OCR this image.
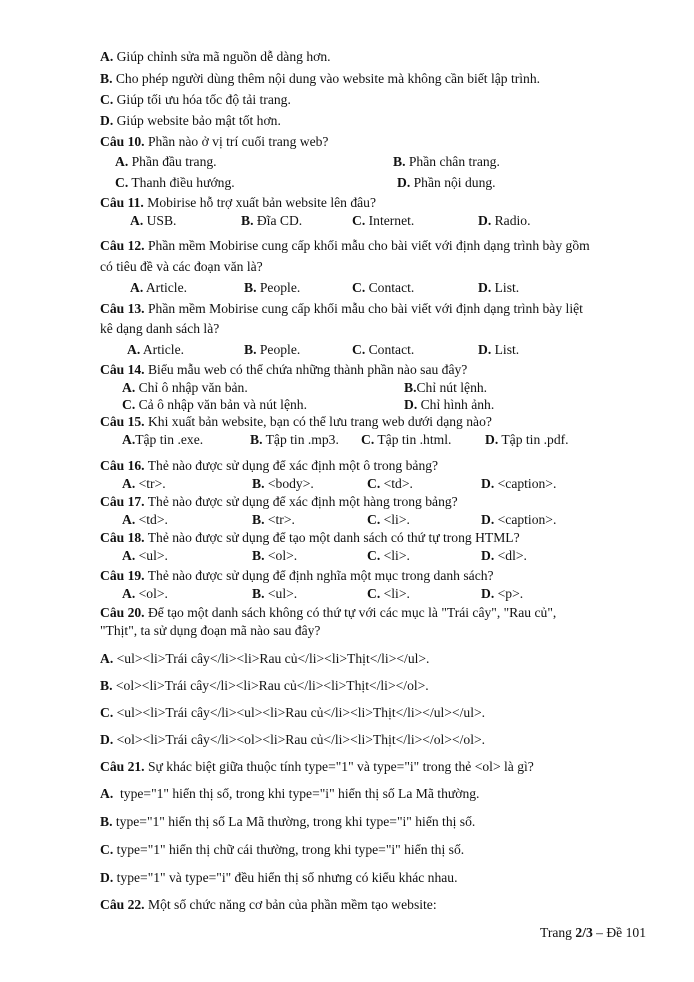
A. Giúp chỉnh sửa mã nguồn dễ dàng hơn.
B. Cho phép người dùng thêm nội dung vào website mà không cần biết lập trình.
C. Giúp tối ưu hóa tốc độ tải trang.
D. Giúp website bảo mật tốt hơn.
Câu 10. Phần nào ở vị trí cuối trang web?
A. Phần đầu trang.	B. Phần chân trang.
C. Thanh điều hướng.	D. Phần nội dung.
Câu 11. Mobirise hỗ trợ xuất bản website lên đâu?
A. USB.	B. Đĩa CD.	C. Internet.	D. Radio.
Câu 12. Phần mềm Mobirise cung cấp khối mẫu cho bài viết với định dạng trình bày gồm
có tiêu đề và các đoạn văn là?
A. Article.	B. People.	C. Contact.	D. List.
Câu 13. Phần mềm Mobirise cung cấp khối mẫu cho bài viết với định dạng trình bày liệt
kê dạng danh sách là?
A. Article.	B. People.	C. Contact.	D. List.
Câu 14. Biểu mẫu web có thể chứa những thành phần nào sau đây?
A. Chỉ ô nhập văn bản.	B.Chỉ nút lệnh.
C. Cả ô nhập văn bản và nút lệnh.	D. Chỉ hình ảnh.
Câu 15. Khi xuất bản website, bạn có thể lưu trang web dưới dạng nào?
A.Tập tin .exe.	B. Tập tin .mp3. C. Tập tin .html. D. Tập tin .pdf.
Câu 16. Thẻ nào được sử dụng để xác định một ô trong bảng?
A. <tr>.	B. <body>.	C. <td>.	D. <caption>.
Câu 17. Thẻ nào được sử dụng để xác định một hàng trong bảng?
A. <td>.	B. <tr>.	C. <li>.	D. <caption>.
Câu 18. Thẻ nào được sử dụng để tạo một danh sách có thứ tự trong HTML?
A. <ul>.	B. <ol>.	C. <li>.	D. <dl>.
Câu 19. Thẻ nào được sử dụng để định nghĩa một mục trong danh sách?
A. <ol>.	B. <ul>.	C. <li>.	D. <p>.
Câu 20. Để tạo một danh sách không có thứ tự với các mục là "Trái cây", "Rau củ",
"Thịt", ta sử dụng đoạn mã nào sau đây?
A. <ul><li>Trái cây</li><li>Rau củ</li><li>Thịt</li></ul>.
B. <ol><li>Trái cây</li><li>Rau củ</li><li>Thịt</li></ol>.
C. <ul><li>Trái cây</li><ul><li>Rau củ</li><li>Thịt</li></ul></ul>.
D. <ol><li>Trái cây</li><ol><li>Rau củ</li><li>Thịt</li></ol></ol>.
Câu 21. Sự khác biệt giữa thuộc tính type="1" và type="i" trong thẻ <ol> là gì?
A.  type="1" hiển thị số, trong khi type="i" hiển thị số La Mã thường.
B. type="1" hiển thị số La Mã thường, trong khi type="i" hiển thị số.
C. type="1" hiển thị chữ cái thường, trong khi type="i" hiển thị số.
D. type="1" và type="i" đều hiển thị số nhưng có kiểu khác nhau.
Câu 22. Một số chức năng cơ bản của phần mềm tạo website:
Trang 2/3 – Đề 101
